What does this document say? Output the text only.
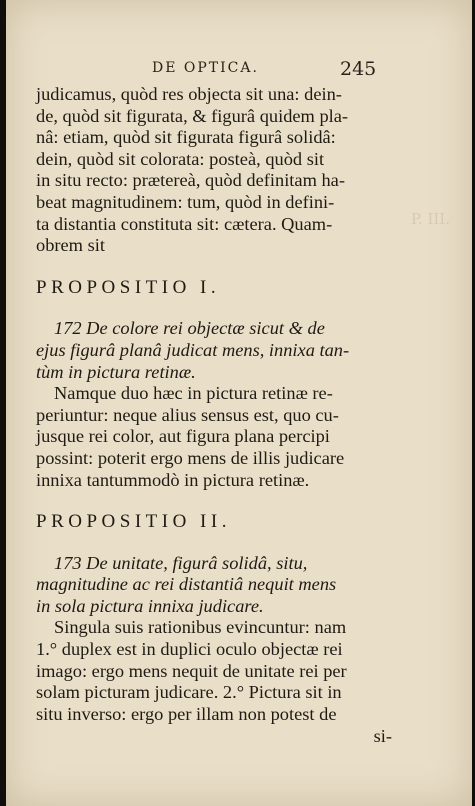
P. III.
DE OPTICA.	245

judicamus, quòd res objecta sit una: dein-

de, quòd sit figurata, & figurâ quidem pla-

nâ: etiam, quòd sit figurata figurâ solidâ:

dein, quòd sit colorata: posteà, quòd sit

in situ recto: prætereà, quòd definitam ha-

beat magnitudinem: tum, quòd in defini-

ta distantia constituta sit: cætera. Quam-

obrem sit

PROPOSITIO I.

172 De colore rei objectæ sicut & de

ejus figurâ planâ judicat mens, innixa tan-

tùm in pictura retinæ.

Namque duo hæc in pictura retinæ re-

periuntur: neque alius sensus est, quo cu-

jusque rei color, aut figura plana percipi

possint: poterit ergo mens de illis judicare

innixa tantummodò in pictura retinæ.

PROPOSITIO II.

173 De unitate, figurâ solidâ, situ,

magnitudine ac rei distantiâ nequit mens

in sola pictura innixa judicare.

Singula suis rationibus evincuntur: nam

1.° duplex est in duplici oculo objectæ rei

imago: ergo mens nequit de unitate rei per

solam picturam judicare. 2.° Pictura sit in

situ inverso: ergo per illam non potest de

si-
